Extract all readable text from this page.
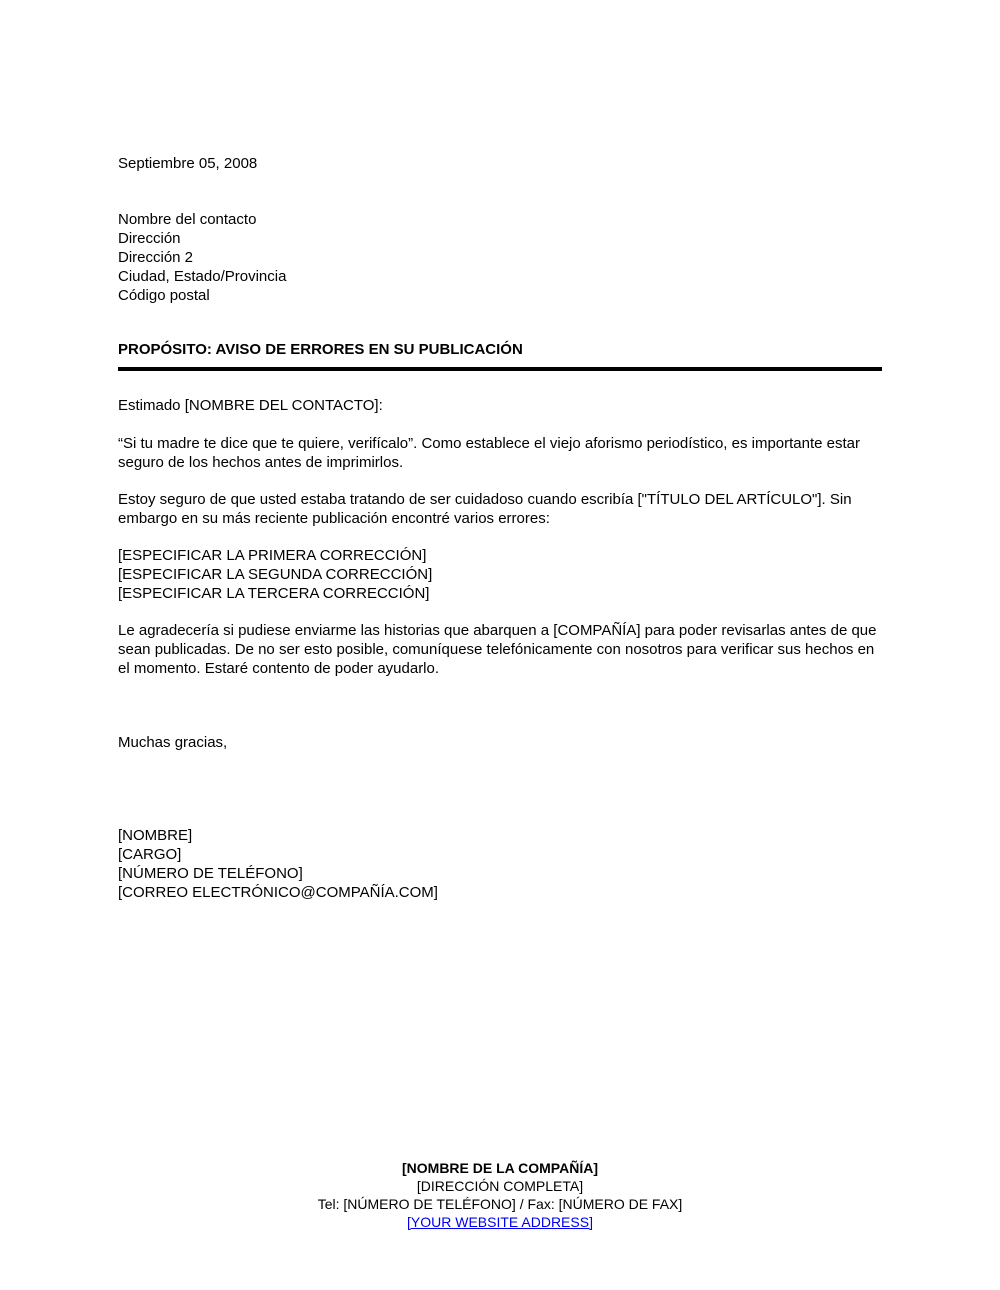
Septiembre 05, 2008
Nombre del contacto
Dirección
Dirección 2
Ciudad, Estado/Provincia
Código postal
PROPÓSITO: AVISO DE ERRORES EN SU PUBLICACIÓN
Estimado [NOMBRE DEL CONTACTO]:
“Si tu madre te dice que te quiere, verifícalo”. Como establece el viejo aforismo periodístico, es importante estar seguro de los hechos antes de imprimirlos.
Estoy seguro de que usted estaba tratando de ser cuidadoso cuando escribía ["TÍTULO DEL ARTÍCULO"]. Sin embargo en su más reciente publicación encontré varios errores:
[ESPECIFICAR LA PRIMERA CORRECCIÓN]
[ESPECIFICAR LA SEGUNDA CORRECCIÓN]
[ESPECIFICAR LA TERCERA CORRECCIÓN]
Le agradecería si pudiese enviarme las historias que abarquen a [COMPAÑÍA] para poder revisarlas antes de que sean publicadas. De no ser esto posible, comuníquese telefónicamente con nosotros para verificar sus hechos en el momento. Estaré contento de poder ayudarlo.
Muchas gracias,
[NOMBRE]
[CARGO]
[NÚMERO DE TELÉFONO]
[CORREO ELECTRÓNICO@COMPAÑÍA.COM]
[NOMBRE DE LA COMPAÑÍA]
[DIRECCIÓN COMPLETA]
Tel: [NÚMERO DE TELÉFONO] / Fax: [NÚMERO DE FAX]
[YOUR WEBSITE ADDRESS]
